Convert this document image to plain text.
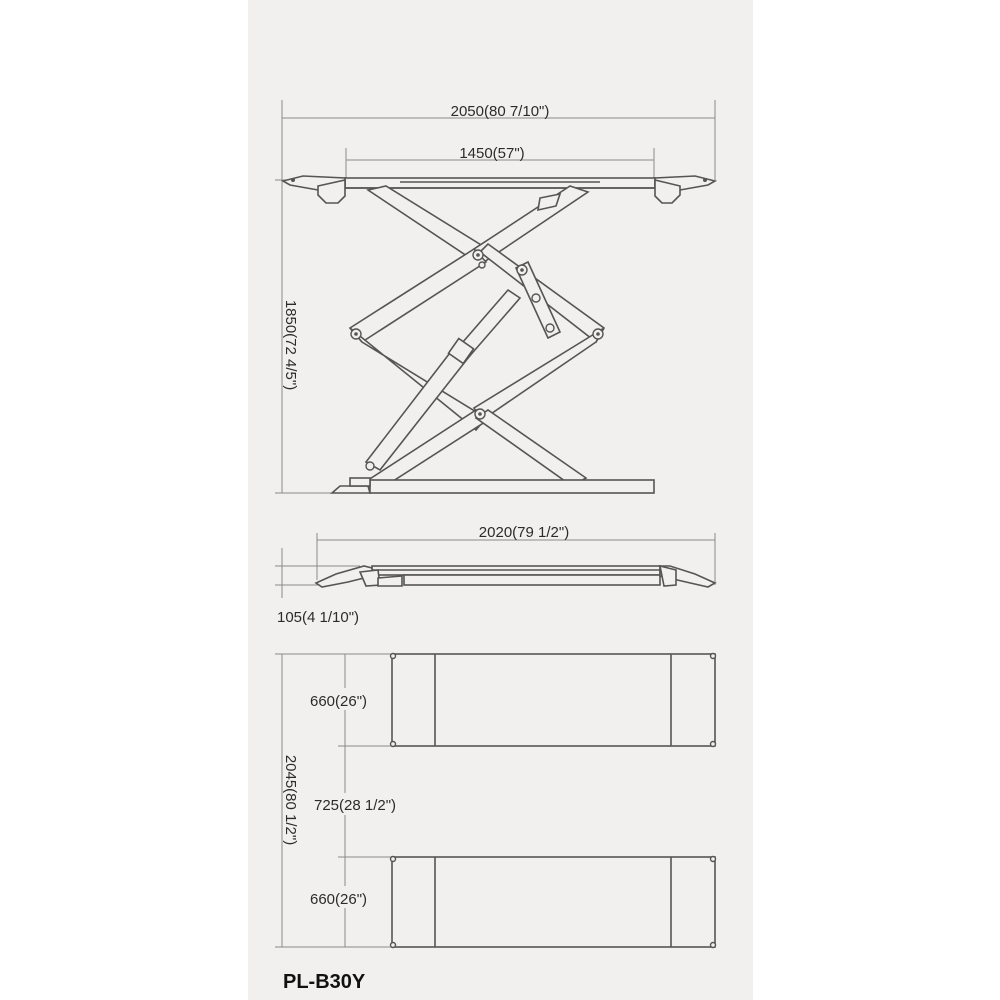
2050(80 7/10")
1450(57")
1850(72 4/5")
2020(79 1/2")
105(4 1/10")
2045(80 1/2")
660(26")
725(28 1/2")
660(26")
PL-B30Y
